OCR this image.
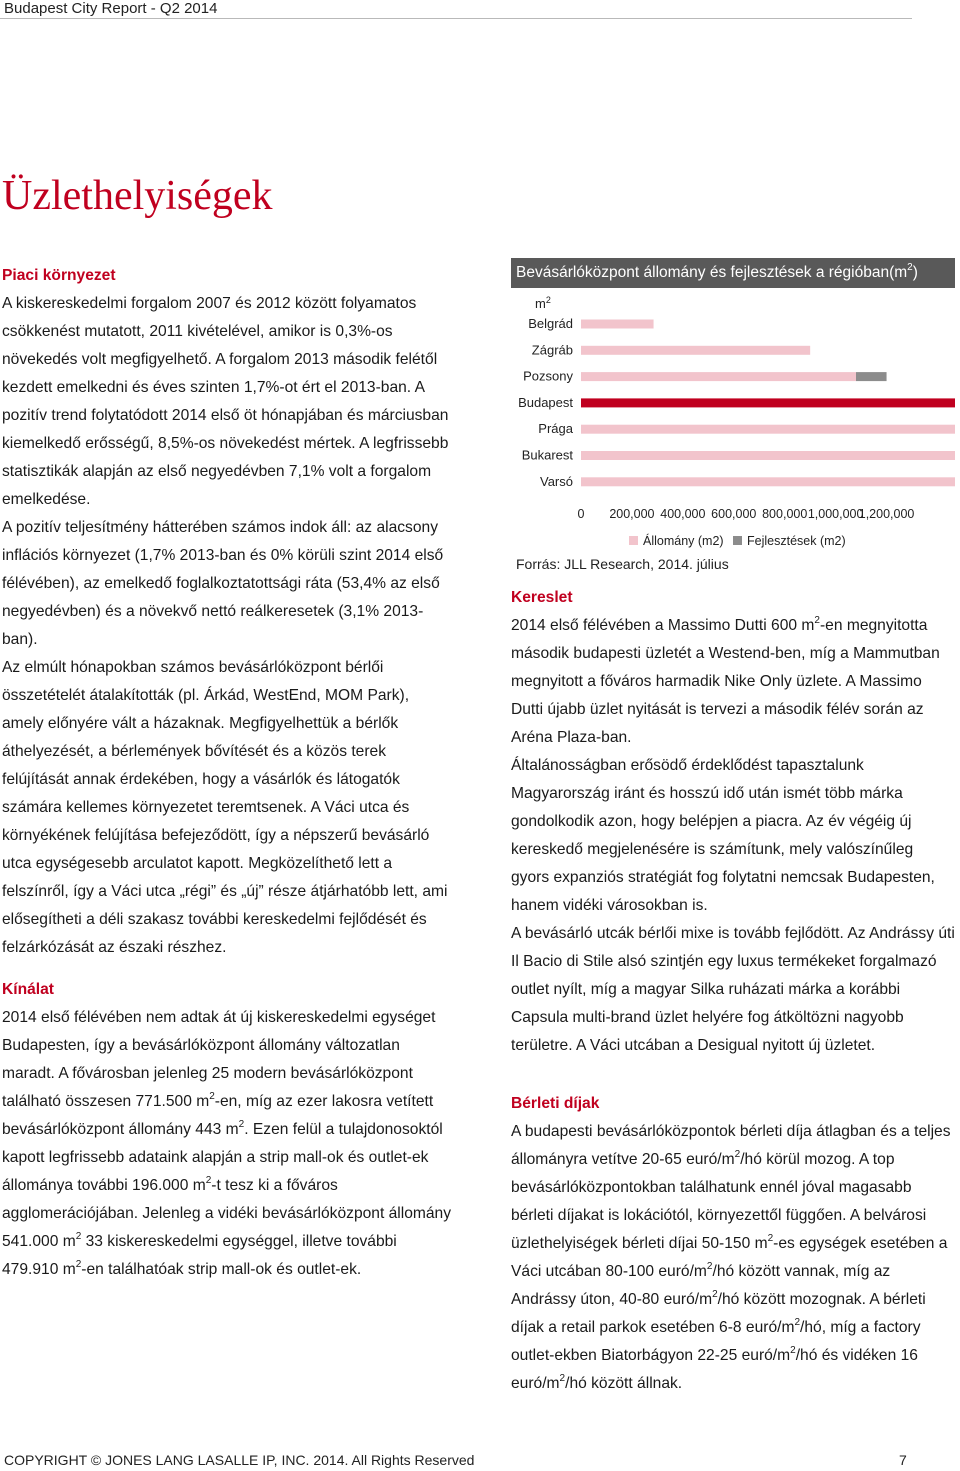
Budapest City Report - Q2 2014
Üzlethelyiségek

Piaci környezet

A kiskereskedelmi forgalom 2007 és 2012 között folyamatos csökkenést mutatott, 2011 kivételével, amikor is 0,3%-os növekedés volt megfigyelhető. A forgalom 2013 második felétől kezdett emelkedni és éves szinten 1,7%-ot ért el 2013-ban. A pozitív trend folytatódott 2014 első öt hónapjában és márciusban kiemelkedő erősségű, 8,5%-os növekedést mértek. A legfrissebb statisztikák alapján az első negyedévben 7,1% volt a forgalom emelkedése.

A pozitív teljesítmény hátterében számos indok áll: az alacsony inflációs környezet (1,7% 2013-ban és 0% körüli szint 2014 első félévében), az emelkedő foglalkoztatottsági ráta (53,4% az első negyedévben) és a növekvő nettó reálkeresetek (3,1% 2013-ban).

Az elmúlt hónapokban számos bevásárlóközpont bérlői összetételét átalakították (pl. Árkád, WestEnd, MOM Park), amely előnyére vált a házaknak. Megfigyelhettük a bérlők áthelyezését, a bérlemények bővítését és a közös terek felújítását annak érdekében, hogy a vásárlók és látogatók számára kellemes környezetet teremtsenek. A Váci utca és környékének felújítása befejeződött, így a népszerű bevásárló utca egységesebb arculatot kapott. Megközelíthető lett a felszínről, így a Váci utca „régi” és „új” része átjárhatóbb lett, ami elősegítheti a déli szakasz további kereskedelmi fejlődését és felzárkózását az északi részhez.

Kínálat

2014 első félévében nem adtak át új kiskereskedelmi egységet Budapesten, így a bevásárlóközpont állomány változatlan maradt. A fővárosban jelenleg 25 modern bevásárlóközpont található összesen 771.500 $m^2-en$, míg az ezer lakosra vetített bevásárlóközpont állomány 443 $m^2$. Ezen felül a tulajdonosoktól kapott legfrissebb adataink alapján a strip mall-ok és outlet-ek állománya további 196.000 $m^2-t$ tesz ki a főváros agglomerációjában. Jelenleg a vidéki bevásárlóközpont állomány 541.000 $m^2$ 33 kiskereskedelmi egységgel, illetve további 479.910 $m^2-en$ találhatóak strip mall-ok és outlet-ek.

Bevásárlóközpont állomány és fejlesztések a $régióban(m^2)$
$m^2$
Belgrád
Zágráb
Pozsony
Budapest
Prága
Bukarest
Varsó
0 200,000 400,000 600,000 800,000 1,000,000
1,200,000
Állomány (m2) Fejlesztések (m2)
Forrás: JLL Research, 2014. július

Kereslet

2014 első félévében a Massimo Dutti 600 $m^2-en$ megnyitotta második budapesti üzletét a Westend-ben, míg a Mammutban megnyitott a főváros harmadik Nike Only üzlete. A Massimo Dutti újabb üzlet nyitását is tervezi a második félév során az Aréna Plaza-ban.

Általánosságban erősödő érdeklődést tapasztalunk Magyarország iránt és hosszú idő után ismét több márka gondolkodik azon, hogy belépjen a piacra. Az év végéig új kereskedő megjelenésére is számítunk, mely valószínűleg gyors expanziós stratégiát fog folytatni nemcsak Budapesten, hanem vidéki városokban is.

A bevásárló utcák bérlői mixe is tovább fejlődött. Az Andrássy úti Il Bacio di Stile alsó szintjén egy luxus termékeket forgalmazó outlet nyílt, míg a magyar Silka ruházati márka a korábbi Capsula multi-brand üzlet helyére fog átköltözni nagyobb területre. A Váci utcában a Desigual nyitott új üzletet.

Bérleti díjak

A budapesti bevásárlóközpontok bérleti díja átlagban és a teljes állományra vetítve 20-65 euró/$m^2/hó$ körül mozog. A top bevásárlóközpontokban találhatunk ennél jóval magasabb bérleti díjakat is lokációtól, környezettől függően. A belvárosi üzlethelyiségek bérleti díjai 50-150 $m^2-es$ egységek esetében a Váci utcában 80-100 euró/$m^2/hó$ között vannak, míg az Andrássy úton, 40-80 euró/$m^2/hó$ között mozognak. A bérleti díjak a retail parkok esetében 6-8 euró/$m^2/hó$, míg a factory outlet-ekben Biatorbágyon 22-25 euró/$m^2/hó$ és vidéken 16 euró/$m^2/hó$ között állnak.

COPYRIGHT © JONES LANG LASALLE IP, INC. 2014. All Rights Reserved	7
